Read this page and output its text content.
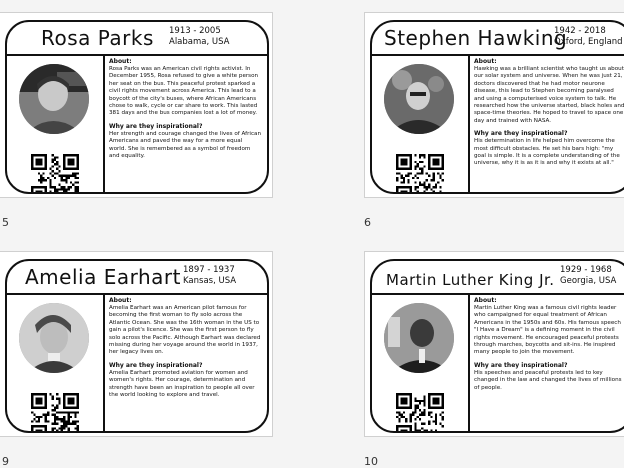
Rosa Parks 1913 - 2005
Alabama, USA
About:

Rosa Parks was an American civil rights activist. In December 1955, Rosa refused to give a white person her seat on the bus. This peaceful protest sparked a civil rights movement across America. This lead to a boycott of the city's buses, where African Americans chose to walk, cycle or car share to work. This lasted 381 days and the bus companies lost a lot of money.

Why are they inspirational?

Her strength and courage changed the lives of African Americans and paved the way for a more equal world. She is remembered as a symbol of freedom and equality.

5
Stephen Hawking
1942 - 2018
Oxford, England
About:

Hawking was a brilliant scientist who taught us about our solar system and universe. When he was just 21, doctors discovered that he had motor neurone disease, this lead to Stephen becoming paralysed and using a computerised voice system to talk. He researched how the universe started, black holes and space-time theories. He hoped to travel to space one day and trained with NASA.

Why are they inspirational?

His determination in life helped him overcome the most difficult obstacles. He set his bars high: "my goal is simple. It is a complete understanding of the universe, why it is as it is and why it exists at all."

6
Amelia Earhart 1897 - 1937
Kansas, USA
About:

Amelia Earhart was an American pilot famous for becoming the first woman to fly solo across the Atlantic Ocean. She was the 16th woman in the US to gain a pilot's licence. She was the first person to fly solo across the Pacific. Although Earhart was declared missing during her voyage around the world in 1937, her legacy lives on.

Why are they inspirational?

Amelia Earhart promoted aviation for women and women's rights. Her courage, determination and strength have been an inspiration to people all over the world looking to explore and travel.

9
Martin Luther King Jr.
1929 - 1968
Georgia, USA
About:

Martin Luther King was a famous civil rights leader who campaigned for equal treatment of African Americans in the 1950s and 60s. His famous speech "I Have a Dream" is a defining moment in the civil rights movement. He encouraged peaceful protests through marches, boycotts and sit-ins. He inspired many people to join the movement.

Why are they inspirational?

His speeches and peaceful protests led to key changed in the law and changed the lives of millions of people.

10
